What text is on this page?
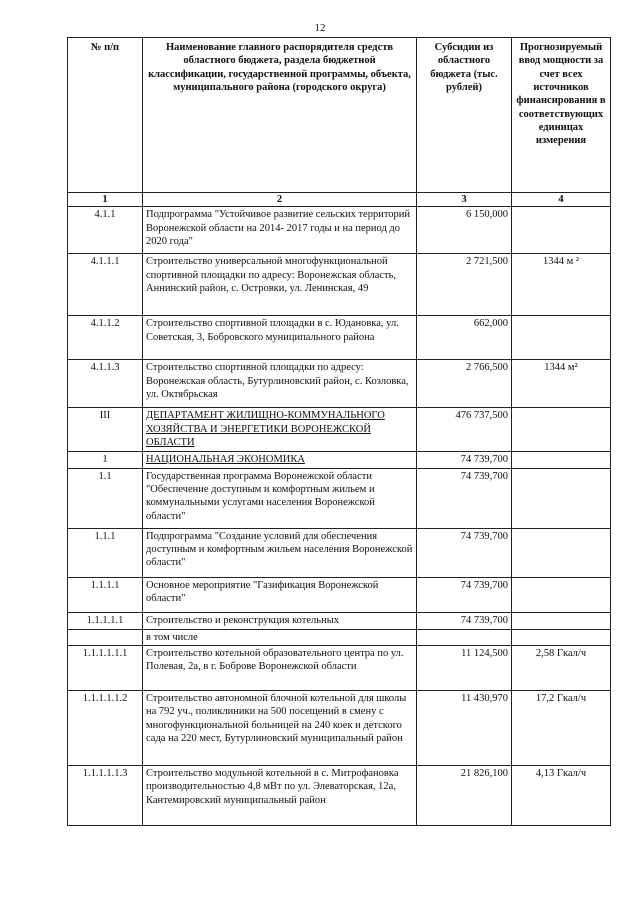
12
№ п/п	Наименование главного распорядителя средств областного бюджета, раздела бюджетной классификации, государственной программы, объекта, муниципального района (городского округа)	Субсидии из областного бюджета (тыс. рублей)	Прогнозируемый ввод мощности за счет всех источников финансирования в соответствующих единицах измерения
1	2	3	4
4.1.1	Подпрограмма "Устойчивое развитие сельских территорий Воронежской области на 2014- 2017 годы и на период до 2020 года"	6 150,000	
4.1.1.1	Строительство универсальной многофункциональной спортивной площадки по адресу: Воронежская область, Аннинский район, с. Островки, ул. Ленинская, 49	2 721,500	1344 м ²
4.1.1.2	Строительство спортивной площадки в с. Юдановка, ул. Советская, 3, Бобровского муниципального района	662,000	
4.1.1.3	Строительство спортивной площадки по адресу: Воронежская область, Бутурлиновский район, с. Козловка, ул. Октябрьская	2 766,500	1344 м²
III	ДЕПАРТАМЕНТ ЖИЛИЩНО-КОММУНАЛЬНОГО ХОЗЯЙСТВА И ЭНЕРГЕТИКИ ВОРОНЕЖСКОЙ ОБЛАСТИ	476 737,500	
1	НАЦИОНАЛЬНАЯ ЭКОНОМИКА	74 739,700	
1.1	Государственная программа Воронежской области "Обеспечение доступным и комфортным жильем и коммунальными услугами населения Воронежской области"	74 739,700	
1.1.1	Подпрограмма "Создание условий для обеспечения доступным и комфортным жильем населения Воронежской области"	74 739,700	
1.1.1.1	Основное мероприятие "Газификация Воронежской области"	74 739,700	
1.1.1.1.1	Строительство и реконструкция котельных	74 739,700	
	в том числе		
1.1.1.1.1.1	Строительство котельной образовательного центра по ул. Полевая, 2а, в г. Боброве Воронежской области	11 124,500	2,58 Гкал/ч
1.1.1.1.1.2	Строительство автономной блочной котельной для школы на 792 уч., поликлиники на 500 посещений в смену с многофункциональной больницей на 240 коек и детского сада на 220 мест, Бутурлиновский муниципальный район	11 430,970	17,2 Гкал/ч
1.1.1.1.1.3	Строительство модульной котельной в с. Митрофановка производительностью 4,8 мВт по ул. Элеваторская, 12а, Кантемировский муниципальный район	21 826,100	4,13 Гкал/ч
